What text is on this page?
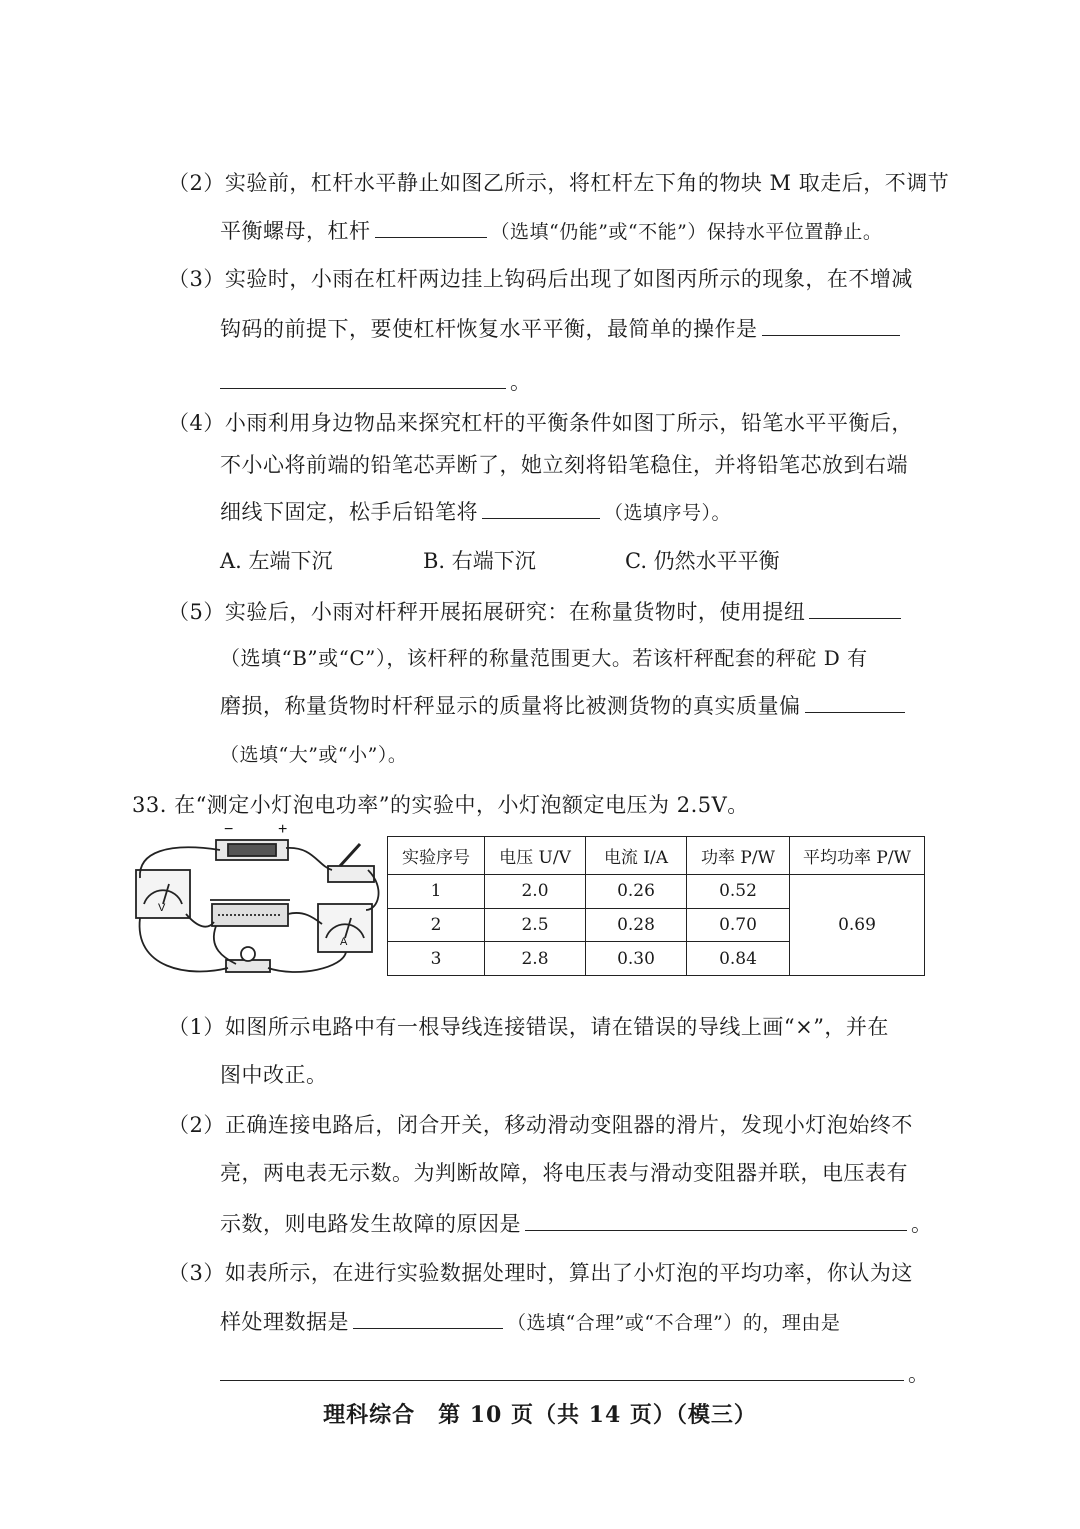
（2）实验前，杠杆水平静止如图乙所示，将杠杆左下角的物块 M 取走后，不调节
平衡螺母，杠杆	（选填“仍能”或“不能”）保持水平位置静止。
（3）实验时，小雨在杠杆两边挂上钩码后出现了如图丙所示的现象，在不增减
钩码的前提下，要使杠杆恢复水平平衡，最简单的操作是
。
（4）小雨利用身边物品来探究杠杆的平衡条件如图丁所示，铅笔水平平衡后，
不小心将前端的铅笔芯弄断了，她立刻将铅笔稳住，并将铅笔芯放到右端
细线下固定，松手后铅笔将	（选填序号）。
A. 左端下沉	B. 右端下沉	C. 仍然水平平衡
（5）实验后，小雨对杆秤开展拓展研究：在称量货物时，使用提纽
（选填“B”或“C”），该杆秤的称量范围更大。若该杆秤配套的秤砣 D 有
磨损，称量货物时杆秤显示的质量将比被测货物的真实质量偏
（选填“大”或“小”）。
33. 在“测定小灯泡电功率”的实验中，小灯泡额定电压为 2.5V。
−	+
V
A
实验序号	电压 U/V	电流 I/A	功率 P/W	平均功率 P/W
1	2.0	0.26	0.52	0.69
2	2.5	0.28	0.70	
3	2.8	0.30	0.84	
（1）如图所示电路中有一根导线连接错误，请在错误的导线上画“×”，并在
图中改正。
（2）正确连接电路后，闭合开关，移动滑动变阻器的滑片，发现小灯泡始终不
亮，两电表无示数。为判断故障，将电压表与滑动变阻器并联，电压表有
示数，则电路发生故障的原因是	。
（3）如表所示，在进行实验数据处理时，算出了小灯泡的平均功率，你认为这
样处理数据是	（选填“合理”或“不合理”）的，理由是
。
理科综合　第 10 页（共 14 页）（模三）
